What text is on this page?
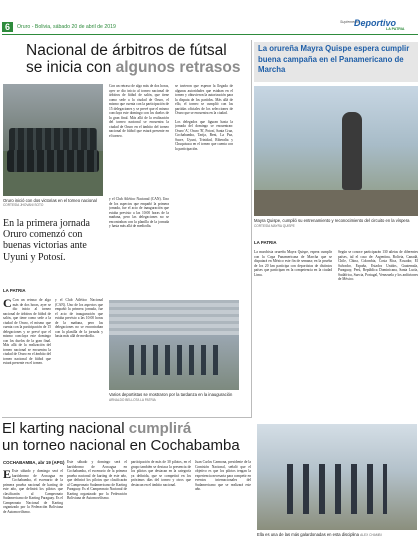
6	Oruro - Bolivia, sábado 20 de abril de 2019
Suplemento
Deportivo
LA PATRIA
Nacional de árbitros de fútsal
se inicia con algunos retrasos
Oruro inició con dos victorias en el torneo nacional
CORTESÍA JHOVANI SOTO
En la primera jornada Oruro comenzó con buenas victorias ante Uyuni y Potosí.
LA PATRIA
C Con un retraso de algo más de dos horas, ayer se dio inicio al torneo nacional de árbitros de fútbol de salón, que tiene como sede a la ciudad de Oruro, el mismo que cuenta con la participación de 15 delegaciones y se prevé que el mismo concluya este domingo con los duelos de la gran final. Más allá de la realización del torneo nacional se encuentra la ciudad de Oruro en el ámbito del torneo nacional de fútbol que estará presente en el torneo.
y el Club Atlético Nacional (CAN). Uno de los aspectos que empañó la primera jornada, fue el acto de inauguración que estaba previsto a las 10:00 horas de la mañana, pero las delegaciones no se encontraban con la planilla de la jornada y hasta más allá de mediodía.
y el Club Atlético Nacional (CAN). Uno de los aspectos que empañó la primera jornada, fue el acto de inauguración que estaba previsto a las 10:00 horas de la mañana, pero las delegaciones no se encontraban con la planilla de la jornada y hasta más allá de mediodía.
se tuvieron que esperar la llegada de algunas autoridades que estaban en el torneo y obtuvieron la autorización para la disputa de los partidos. Más allá de ello, el torneo se cumplió con las partidas oficiales de los selecciones de Oruro que se encuentra en la ciudad.
Los delegados que figuran hasta la jornada del domingo se encuentran: Oruro 'A', Oruro 'B', Potosí, Santa Cruz, Cochabamba, Tarija, Beni, La Paz, Sucre, Uyuni, Trinidad, Riberalta y Chuquisaca en el torneo que cuenta con la participación.
Con un retraso de algo más de dos horas, ayer se dio inicio al torneo nacional de árbitros de fútbol de salón, que tiene como sede a la ciudad de Oruro, el mismo que cuenta con la participación de 15 delegaciones y se prevé que el mismo concluya este domingo con los duelos de la gran final. Más allá de la realización del torneo nacional se encuentra la ciudad de Oruro en el ámbito del torneo nacional de fútbol que estará presente en el torneo.
Varios deportistas se mostraron por la tardanza en la inauguración ARNALDO BELLOTA LA PATRIA
La orureña Mayra Quispe espera cumplir buena campaña en el Panamericano de Marcha
Mayra Quispe, cumplió su entrenamiento y reconocimiento del circuito en la víspera CORTESÍA MAYRA QUISPE
LA PATRIA
La marchista orureña Mayra Quispe, espera cumplir con la Copa Panamericana de Marcha que se disputará en México este fin de semana; en la prueba de los 20 km participa con deportistas de distintos países que participan en la competencia en la ciudad Lima.
Según se conoce participarán 130 atletas de diferentes países, tal el caso de: Argentina, Bolivia, Canadá, Chile, China, Colombia, Costa Rica, Ecuador, El Salvador, España, Estados Unidos, Guatemala, Paraguay, Perú, República Dominicana, Santa Lucía, Sudáfrica, Suecia, Portugal, Venezuela y los anfitriones de México.
El karting nacional cumplirá
un torneo nacional en Cochabamba
COCHABAMBA, abr 19 (APG)
E Este sábado y domingo será el kartódromo de Arocagua en Cochabamba, el escenario de la primera prueba nacional de karting de este año, que definirá los pilotos que clasificarán al Campeonato Sudamericano de Karting Paraguay. Es el Campeonato Nacional de Karting organizado por la Federación Boliviana de Automovilismo.
Este sábado y domingo será el kartódromo de Arocagua en Cochabamba, el escenario de la primera prueba nacional de karting de este año, que definirá los pilotos que clasificarán al Campeonato Sudamericano de Karting Paraguay. Es el Campeonato Nacional de Karting organizado por la Federación Boliviana de Automovilismo.
participación de más de 30 pilotos, en el grupo también se destaca la presencia de los pilotos que destacan en la categoría ya definida, que se competirá en los próximos días del torneo y otros que destacan en el ámbito nacional.
Juan Carlos Carmona, presidente de la Comisión Nacional, señaló que el objetivo es que los pilotos tengan la experiencia necesaria para competir en eventos internacionales del Sudamericano que se realizará este año.
Ella es una de las más galardonadas en esta disciplina ALEX CHAMBI
